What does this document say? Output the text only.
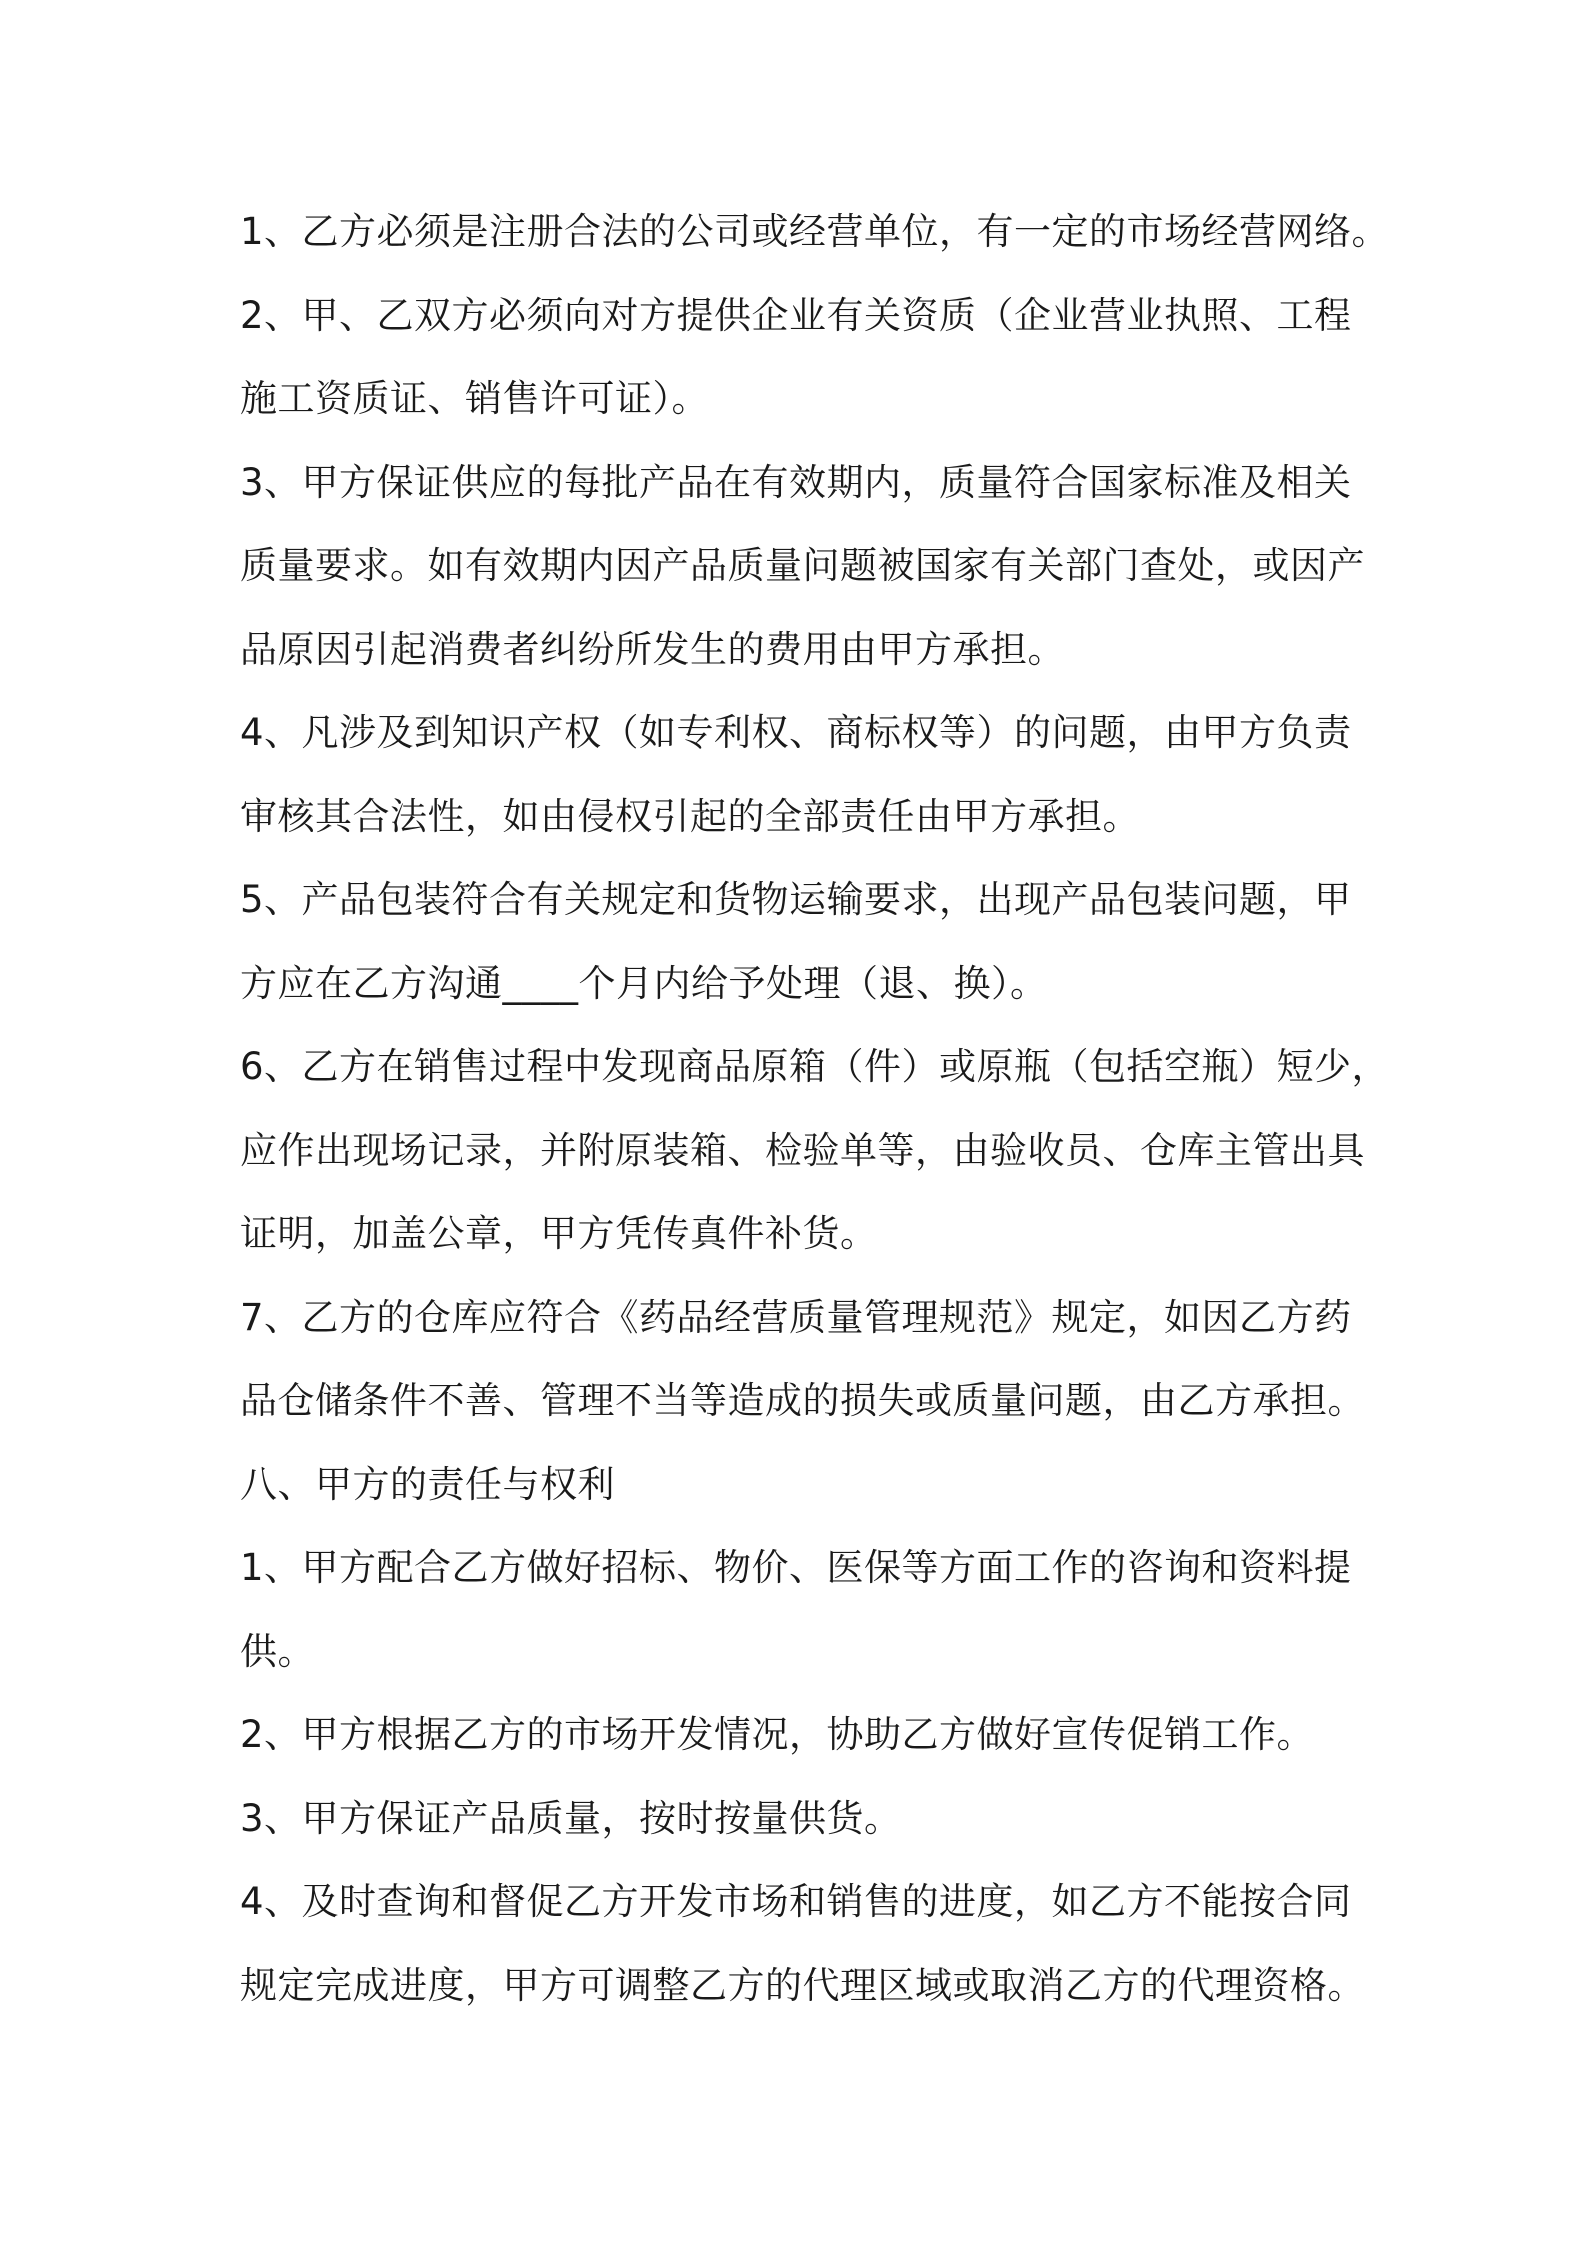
1、乙方必须是注册合法的公司或经营单位，有一定的市场经营网络。

2、甲、乙双方必须向对方提供企业有关资质（企业营业执照、工程
施工资质证、销售许可证）。

3、甲方保证供应的每批产品在有效期内，质量符合国家标准及相关
质量要求。如有效期内因产品质量问题被国家有关部门查处，或因产
品原因引起消费者纠纷所发生的费用由甲方承担。

4、凡涉及到知识产权（如专利权、商标权等）的问题，由甲方负责
审核其合法性，如由侵权引起的全部责任由甲方承担。

5、产品包装符合有关规定和货物运输要求，出现产品包装问题，甲
方应在乙方沟通____个月内给予处理（退、换）。

6、乙方在销售过程中发现商品原箱（件）或原瓶（包括空瓶）短少，
应作出现场记录，并附原装箱、检验单等，由验收员、仓库主管出具
证明，加盖公章，甲方凭传真件补货。

7、乙方的仓库应符合《药品经营质量管理规范》规定，如因乙方药
品仓储条件不善、管理不当等造成的损失或质量问题，由乙方承担。

八、甲方的责任与权利

1、甲方配合乙方做好招标、物价、医保等方面工作的咨询和资料提
供。

2、甲方根据乙方的市场开发情况，协助乙方做好宣传促销工作。

3、甲方保证产品质量，按时按量供货。

4、及时查询和督促乙方开发市场和销售的进度，如乙方不能按合同
规定完成进度，甲方可调整乙方的代理区域或取消乙方的代理资格。
